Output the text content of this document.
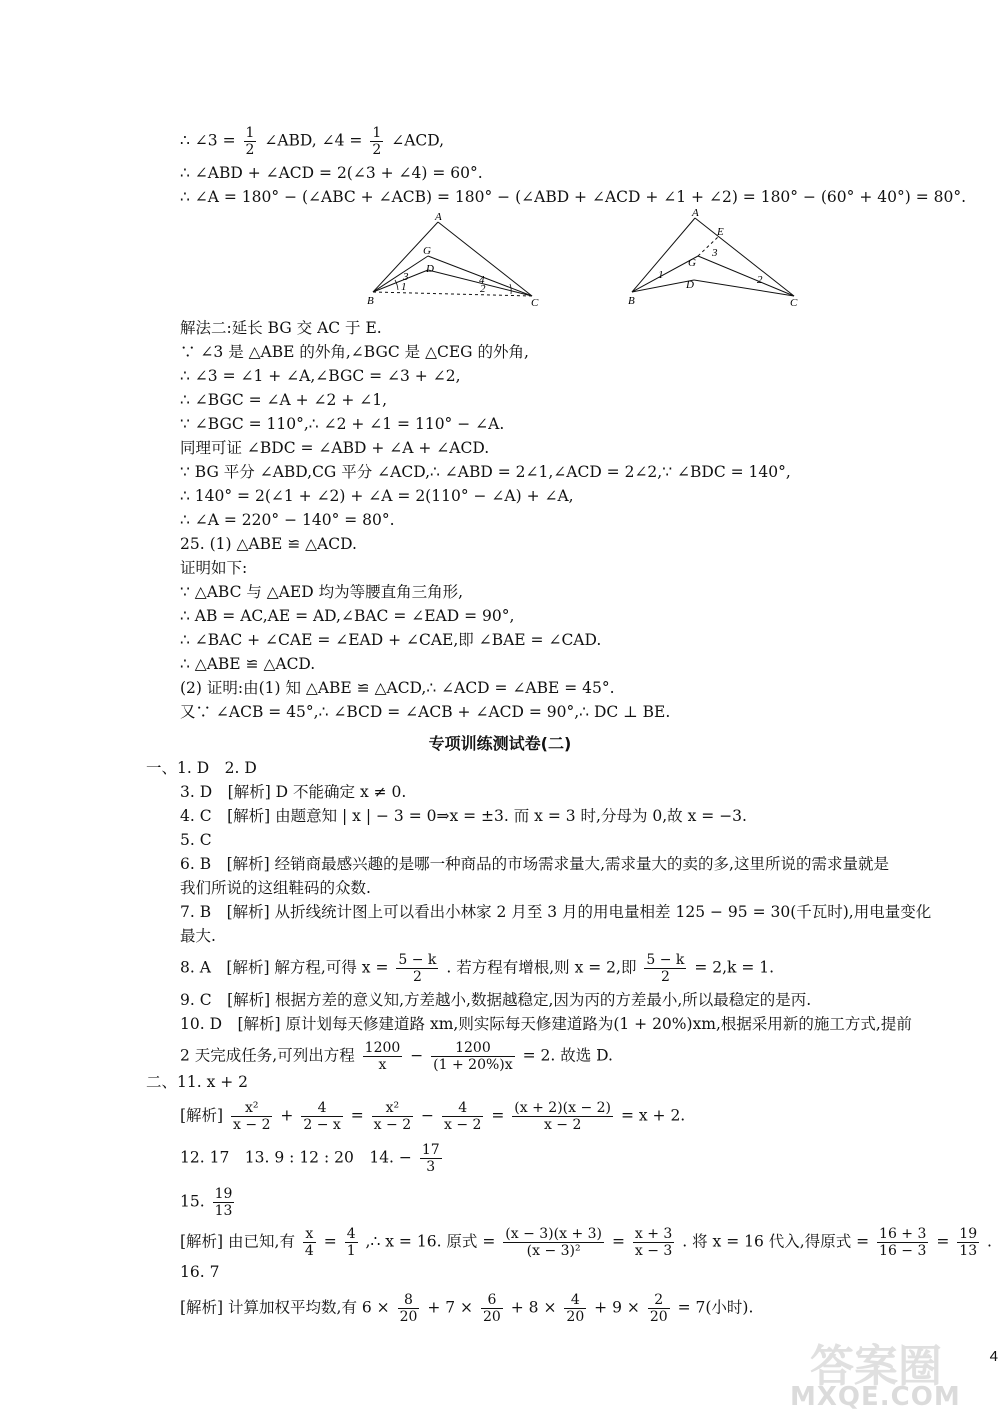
∴ ∠3 = $\frac{1}{2}$ ∠ABD, ∠4 = $\frac{1}{2}$ ∠ACD,
∴ ∠ABD + ∠ACD = 2(∠3 + ∠4) = 60°.
∴ ∠A = 180° − (∠ABC + ∠ACB) = 180° − (∠ABD + ∠ACD + ∠1 + ∠2) = 180° − (60° + 40°) = 80°.
A
G
D
B	C
1
3
2
4
A
E
G
D
B	C
1	2
3
解法二:延长 BG 交 AC 于 E.
∵ ∠3 是 △ABE 的外角,∠BGC 是 △CEG 的外角,
∴ ∠3 = ∠1 + ∠A,∠BGC = ∠3 + ∠2,
∴ ∠BGC = ∠A + ∠2 + ∠1,
∵ ∠BGC = 110°,∴ ∠2 + ∠1 = 110° − ∠A.
同理可证 ∠BDC = ∠ABD + ∠A + ∠ACD.
∵ BG 平分 ∠ABD,CG 平分 ∠ACD,∴ ∠ABD = 2∠1,∠ACD = 2∠2,∵ ∠BDC = 140°,
∴ 140° = 2(∠1 + ∠2) + ∠A = 2(110° − ∠A) + ∠A,
∴ ∠A = 220° − 140° = 80°.
25. (1) △ABE ≌ △ACD.
证明如下:
∵ △ABC 与 △AED 均为等腰直角三角形,
∴ AB = AC,AE = AD,∠BAC = ∠EAD = 90°,
∴ ∠BAC + ∠CAE = ∠EAD + ∠CAE,即 ∠BAE = ∠CAD.
∴ △ABE ≌ △ACD.
(2) 证明:由(1) 知 △ABE ≌ △ACD,∴ ∠ACD = ∠ABE = 45°.
又∵ ∠ACB = 45°,∴ ∠BCD = ∠ACB + ∠ACD = 90°,∴ DC ⊥ BE.
专项训练测试卷(二)
一、1. D　2. D
3. D　[解析] D 不能确定 x ≠ 0.
4. C　[解析] 由题意知 | x | − 3 = 0⇒x = ±3. 而 x = 3 时,分母为 0,故 x = −3.
5. C
6. B　[解析] 经销商最感兴趣的是哪一种商品的市场需求量大,需求量大的卖的多,这里所说的需求量就是
我们所说的这组鞋码的众数.
7. B　[解析] 从折线统计图上可以看出小林家 2 月至 3 月的用电量相差 125 − 95 = 30(千瓦时),用电量变化
最大.
8. A　[解析] 解方程,可得 $x = \frac{5 - k}{2}$ . 若方程有增根,则 x = 2,即 $\frac{5 - k}{2} = 2,k = 1$.
9. C　[解析] 根据方差的意义知,方差越小,数据越稳定,因为丙的方差最小,所以最稳定的是丙.
10. D　[解析] 原计划每天修建道路 xm,则实际每天修建道路为(1 + 20%)xm,根据采用新的施工方式,提前
2 天完成任务,可列出方程 $\frac{1200}{x} - \frac{1200}{(1 + 20\%)x} = 2$. 故选 D.
二、11. x + 2
[解析] $\frac{\text{x²}}{x - 2} + \frac{4}{2 - x} = \frac{\text{x²}}{x - 2} - \frac{4}{x - 2} = \frac{(x + 2)(x - 2)}{x - 2} = x + 2$.
12. 17　13. 9 : 12 : 20　14. − $\frac{17}{3}$
15. $\frac{19}{13}$
[解析] 由已知,有 $\frac{x}{4} = \frac{4}{1}$ ,∴ x = 16. 原式 = $\frac{(x - 3)(x + 3)}{\text{(x − 3)²}} = \frac{x + 3}{x - 3}$ . 将 x = 16 代入,得原式 = $\frac{16 + 3}{16 - 3} = \frac{19}{13}$ .
16. 7
[解析] 计算加权平均数,有 $6 \times \frac{8}{20} + 7 \times \frac{6}{20} + 8 \times \frac{4}{20} + 9 \times \frac{2}{20} = 7$(小时).
4
答案圈
MXQE.COM
